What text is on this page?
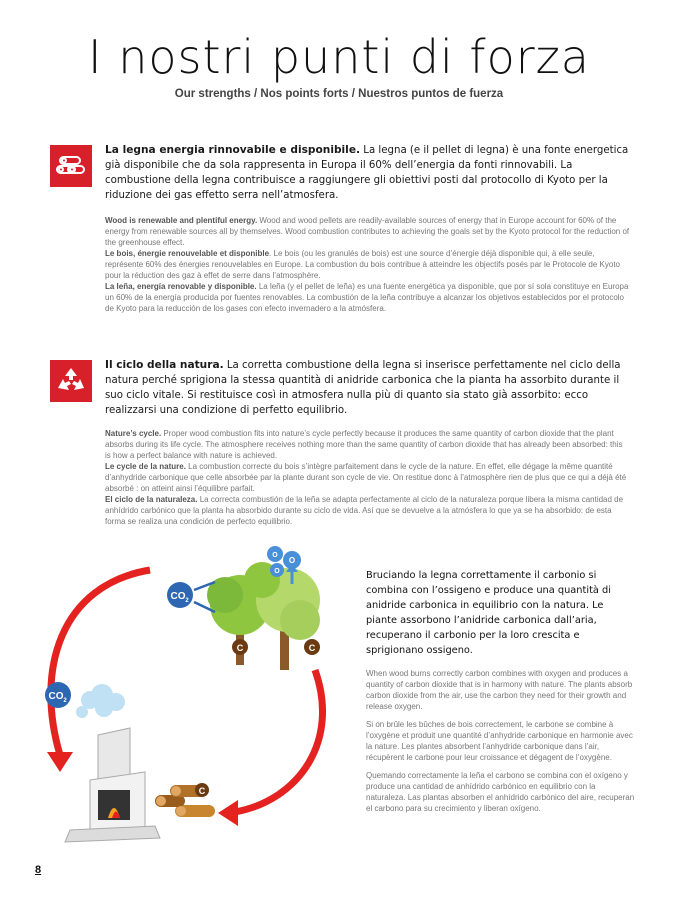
I nostri punti di forza
Our strengths / Nos points forts / Nuestros puntos de fuerza

La legna energia rinnovabile e disponibile. La legna (e il pellet di legna) è una fonte energetica già disponibile che da sola rappresenta in Europa il 60% dell’energia da fonti rinnovabili. La combustione della legna contribuisce a raggiungere gli obiettivi posti dal protocollo di Kyoto per la riduzione dei gas effetto serra nell’atmosfera.

Wood is renewable and plentiful energy. Wood and wood pellets are readily-available sources of energy that in Europe account for 60% of the energy from renewable sources all by themselves. Wood combustion contributes to achieving the goals set by the Kyoto protocol for the reduction of the greenhouse effect.

Le bois, énergie renouvelable et disponible. Le bois (ou les granulés de bois) est une source d’énergie déjà disponible qui, à elle seule, représente 60% des énergies renouvelables en Europe. La combustion du bois contribue à atteindre les objectifs posés par le Protocole de Kyoto pour la réduction des gaz à effet de serre dans l’atmosphère.

La leña, energía renovable y disponible. La leña (y el pellet de leña) es una fuente energética ya disponible, que por sí sola constituye en Europa un 60% de la energía producida por fuentes renovables. La combustión de la leña contribuye a alcanzar los objetivos establecidos por el protocolo de Kyoto para la reducción de los gases con efecto invernadero a la atmósfera.

Il ciclo della natura. La corretta combustione della legna si inserisce perfettamente nel ciclo della natura perché sprigiona la stessa quantità di anidride carbonica che la pianta ha assorbito durante il suo ciclo vitale. Si restituisce così in atmosfera nulla più di quanto sia stato già assorbito: ecco realizzarsi una condizione di perfetto equilibrio.

Nature’s cycle. Proper wood combustion fits into nature’s cycle perfectly because it produces the same quantity of carbon dioxide that the plant absorbs during its life cycle. The atmosphere receives nothing more than the same quantity of carbon dioxide that has already been absorbed: this is how a perfect balance with nature is achieved.

Le cycle de la nature. La combustion correcte du bois s’intègre parfaitement dans le cycle de la nature. En effet, elle dégage la même quantité d’anhydride carbonique que celle absorbée par la plante durant son cycle de vie. On restitue donc à l’atmosphère rien de plus que ce qui a déjà été absorbé : on atteint ainsi l’équilibre parfait.

El ciclo de la naturaleza. La correcta combustión de la leña se adapta perfectamente al ciclo de la naturaleza porque libera la misma cantidad de anhídrido carbónico que la planta ha absorbido durante su ciclo de vida. Así que se devuelve a la atmósfera lo que ya se ha absorbido: de esta forma se realiza una condición de perfecto equilibrio.

C
C	C
O
O
O
CO 2
CO 2

Bruciando la legna correttamente il carbonio si combina con l’ossigeno e produce una quantità di anidride carbonica in equilibrio con la natura. Le piante assorbono l’anidride carbonica dall’aria, recuperano il carbonio per la loro crescita e sprigionano ossigeno.

When wood burns correctly carbon combines with oxygen and produces a quantity of carbon dioxide that is in harmony with nature. The plants absorb carbon dioxide from the air, use the carbon they need for their growth and release oxygen.

Si on brûle les bûches de bois correctement, le carbone se combine à l’oxygène et produit une quantité d’anhydride carbonique en harmonie avec la nature. Les plantes absorbent l’anhydride carbonique dans l’air, récupèrent le carbone pour leur croissance et dégagent de l’oxygène.

Quemando correctamente la leña el carbono se combina con el oxígeno y produce una cantidad de anhídrido carbónico en equilibrio con la naturaleza. Las plantas absorben el anhídrido carbónico del aire, recuperan el carbono para su crecimiento y liberan oxígeno.

8
